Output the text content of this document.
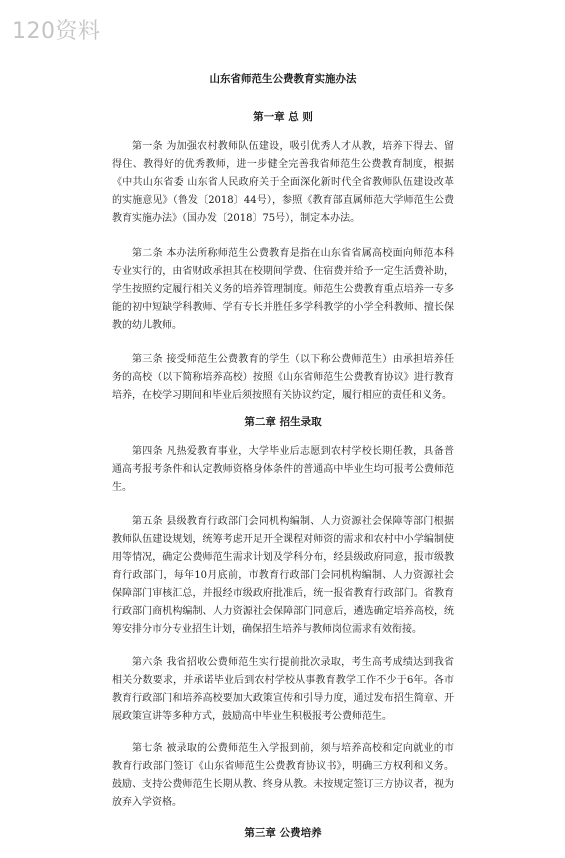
120资料
山东省师范生公费教育实施办法
第一章 总 则

第一条 为加强农村教师队伍建设，吸引优秀人才从教，培养下得去、留得住、教得好的优秀教师，进一步健全完善我省师范生公费教育制度，根据《中共山东省委 山东省人民政府关于全面深化新时代全省教师队伍建设改革的实施意见》（鲁发〔2018〕44号），参照《教育部直属师范大学师范生公费教育实施办法》（国办发〔2018〕75号），制定本办法。

第二条 本办法所称师范生公费教育是指在山东省省属高校面向师范本科专业实行的，由省财政承担其在校期间学费、住宿费并给予一定生活费补助，学生按照约定履行相关义务的培养管理制度。师范生公费教育重点培养一专多能的初中短缺学科教师、学有专长并胜任多学科教学的小学全科教师、擅长保教的幼儿教师。

第三条 接受师范生公费教育的学生（以下称公费师范生）由承担培养任务的高校（以下简称培养高校）按照《山东省师范生公费教育协议》进行教育培养，在校学习期间和毕业后须按照有关协议约定，履行相应的责任和义务。

第二章 招生录取

第四条 凡热爱教育事业，大学毕业后志愿到农村学校长期任教，具备普通高考报考条件和认定教师资格身体条件的普通高中毕业生均可报考公费师范生。

第五条 县级教育行政部门会同机构编制、人力资源社会保障等部门根据教师队伍建设规划，统筹考虑开足开全课程对师资的需求和农村中小学编制使用等情况，确定公费师范生需求计划及学科分布，经县级政府同意，报市级教育行政部门，每年10月底前，市教育行政部门会同机构编制、人力资源社会保障部门审核汇总，并报经市级政府批准后，统一报省教育行政部门。省教育行政部门商机构编制、人力资源社会保障部门同意后，遴选确定培养高校，统筹安排分市分专业招生计划，确保招生培养与教师岗位需求有效衔接。

第六条 我省招收公费师范生实行提前批次录取，考生高考成绩达到我省相关分数要求，并承诺毕业后到农村学校从事教育教学工作不少于6年。各市教育行政部门和培养高校要加大政策宣传和引导力度，通过发布招生简章、开展政策宣讲等多种方式，鼓励高中毕业生积极报考公费师范生。

第七条 被录取的公费师范生入学报到前，须与培养高校和定向就业的市教育行政部门签订《山东省师范生公费教育协议书》，明确三方权利和义务。鼓励、支持公费师范生长期从教、终身从教。未按规定签订三方协议者，视为放弃入学资格。

第三章 公费培养
